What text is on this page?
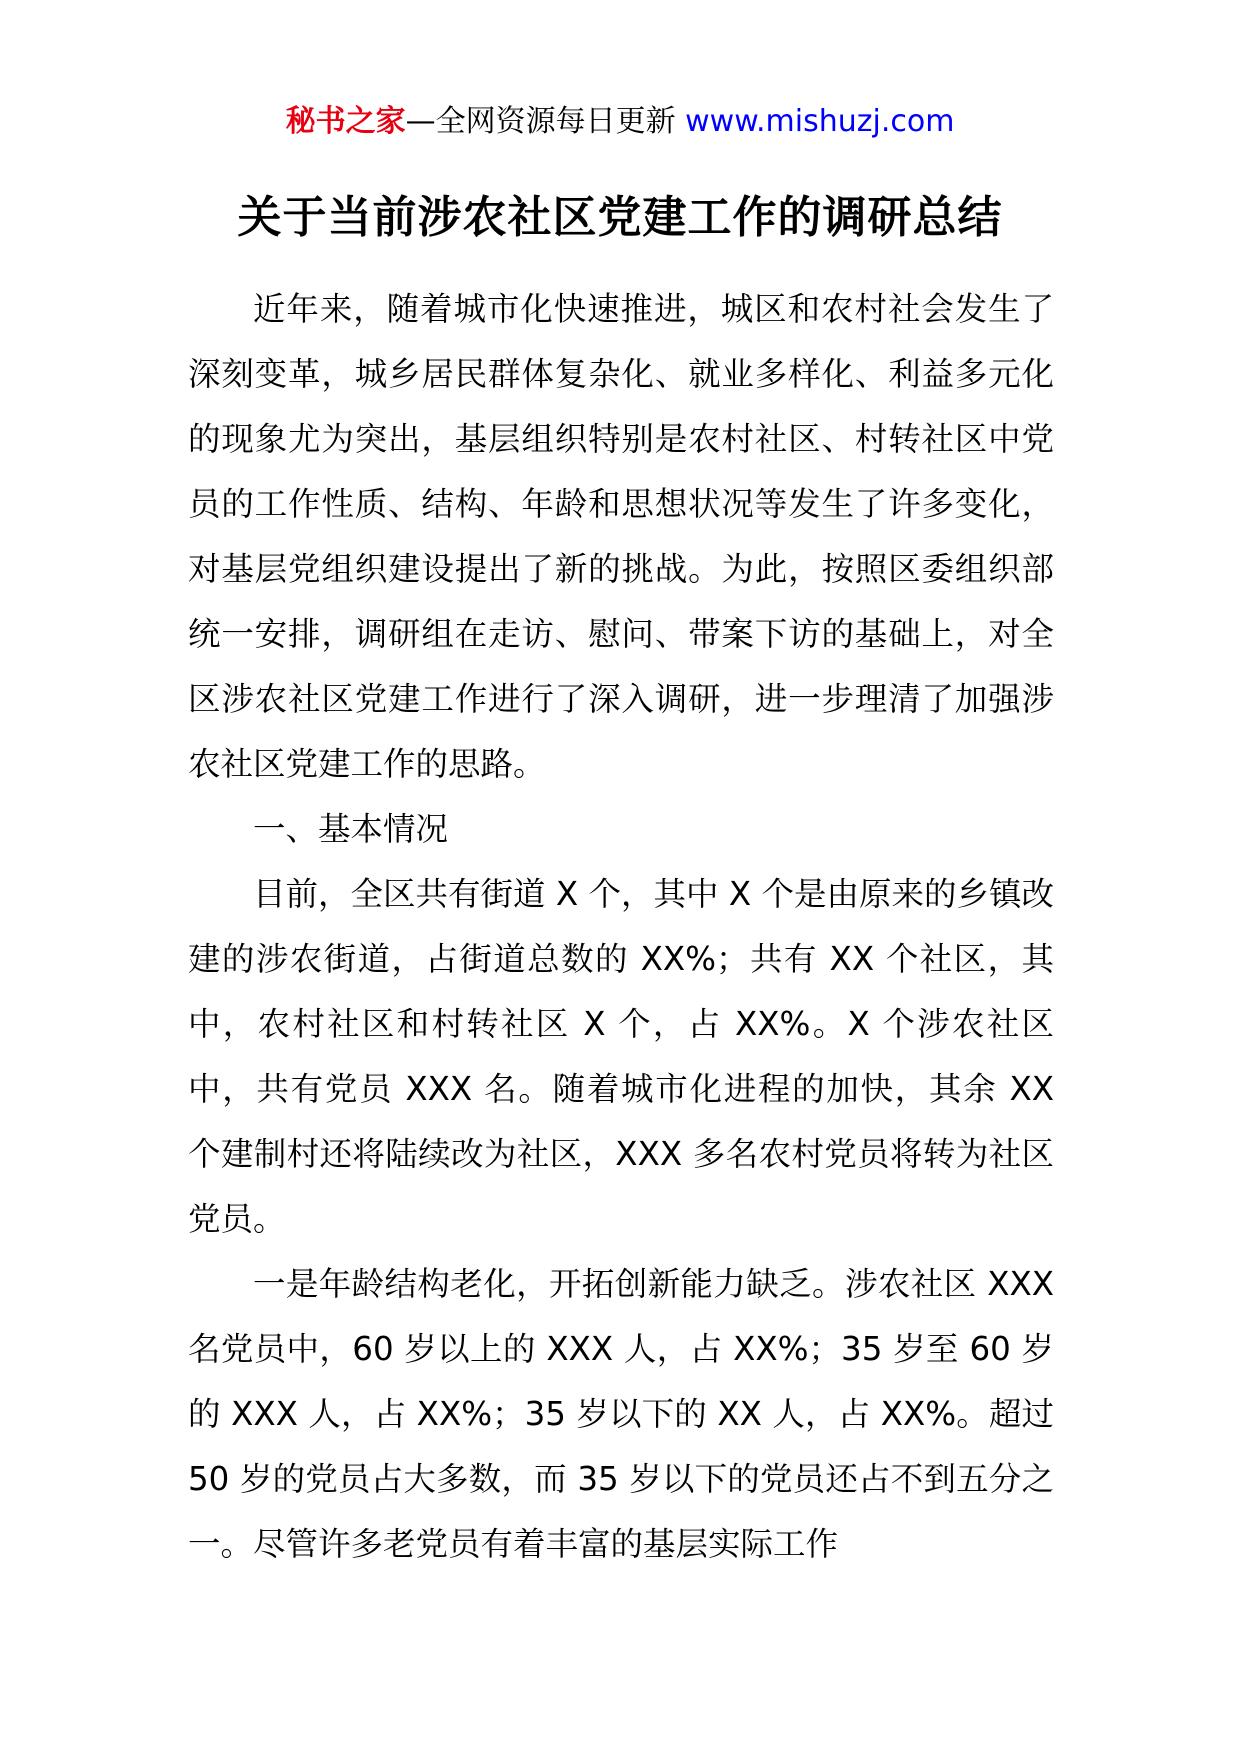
秘书之家—全网资源每日更新 www.mishuzj.com
关于当前涉农社区党建工作的调研总结

近年来，随着城市化快速推进，城区和农村社会发生了深刻变革，城乡居民群体复杂化、就业多样化、利益多元化的现象尤为突出，基层组织特别是农村社区、村转社区中党员的工作性质、结构、年龄和思想状况等发生了许多变化，对基层党组织建设提出了新的挑战。为此，按照区委组织部统一安排，调研组在走访、慰问、带案下访的基础上，对全区涉农社区党建工作进行了深入调研，进一步理清了加强涉农社区党建工作的思路。

一、基本情况

目前，全区共有街道 X 个，其中 X 个是由原来的乡镇改建的涉农街道，占街道总数的 XX%；共有 XX 个社区，其中，农村社区和村转社区 X 个，占 XX%。X 个涉农社区中，共有党员 XXX 名。随着城市化进程的加快，其余 XX 个建制村还将陆续改为社区，XXX 多名农村党员将转为社区党员。

一是年龄结构老化，开拓创新能力缺乏。涉农社区 XXX 名党员中，60 岁以上的 XXX 人，占 XX%；35 岁至 60 岁的 XXX 人，占 XX%；35 岁以下的 XX 人，占 XX%。超过 50 岁的党员占大多数，而 35 岁以下的党员还占不到五分之一。尽管许多老党员有着丰富的基层实际工作
